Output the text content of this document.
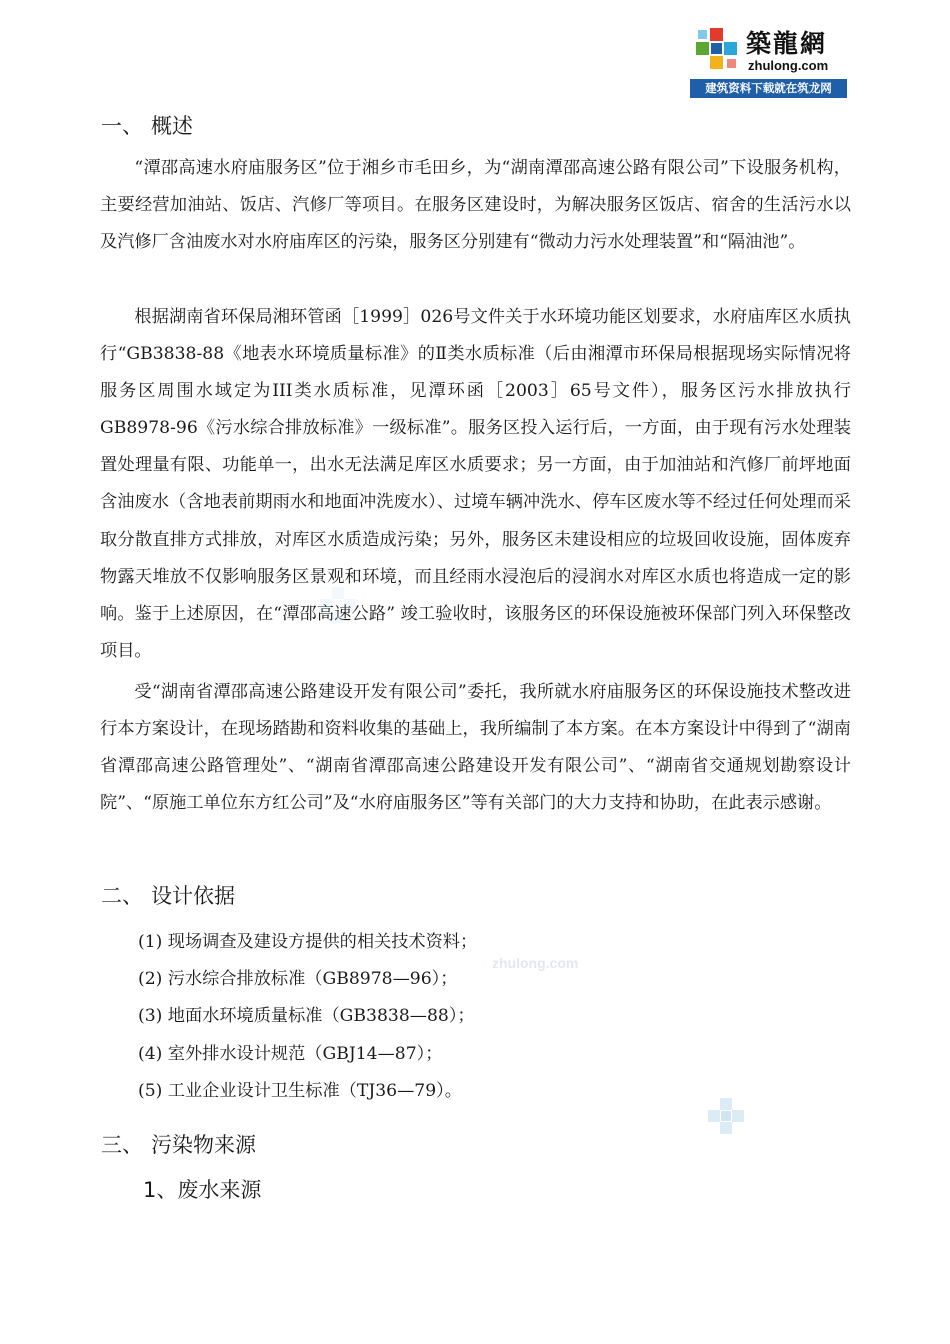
築龍網
zhulong.com
建筑资料下载就在筑龙网
一、 概述

“潭邵高速水府庙服务区”位于湘乡市毛田乡，为“湖南潭邵高速公路有限公司”下设服务机构，主要经营加油站、饭店、汽修厂等项目。在服务区建设时，为解决服务区饭店、宿舍的生活污水以及汽修厂含油废水对水府庙库区的污染，服务区分别建有“微动力污水处理装置”和“隔油池”。

根据湖南省环保局湘环管函［1999］026号文件关于水环境功能区划要求，水府庙库区水质执行“GB3838-88《地表水环境质量标准》的Ⅱ类水质标准（后由湘潭市环保局根据现场实际情况将服务区周围水域定为III类水质标准，见潭环函［2003］65号文件），服务区污水排放执行GB8978-96《污水综合排放标准》一级标准”。服务区投入运行后，一方面，由于现有污水处理装置处理量有限、功能单一，出水无法满足库区水质要求；另一方面，由于加油站和汽修厂前坪地面含油废水（含地表前期雨水和地面冲洗废水）、过境车辆冲洗水、停车区废水等不经过任何处理而采取分散直排方式排放，对库区水质造成污染；另外，服务区未建设相应的垃圾回收设施，固体废弃物露天堆放不仅影响服务区景观和环境，而且经雨水浸泡后的浸润水对库区水质也将造成一定的影响。鉴于上述原因，在“潭邵高速公路” 竣工验收时，该服务区的环保设施被环保部门列入环保整改项目。

受“湖南省潭邵高速公路建设开发有限公司”委托，我所就水府庙服务区的环保设施技术整改进行本方案设计，在现场踏勘和资料收集的基础上，我所编制了本方案。在本方案设计中得到了“湖南省潭邵高速公路管理处”、“湖南省潭邵高速公路建设开发有限公司”、“湖南省交通规划勘察设计院”、“原施工单位东方红公司”及“水府庙服务区”等有关部门的大力支持和协助，在此表示感谢。

二、 设计依据
(1) 现场调查及建设方提供的相关技术资料；
(2) 污水综合排放标准（GB8978—96）；
(3) 地面水环境质量标准（GB3838—88）；
(4) 室外排水设计规范（GBJ14—87）；
(5) 工业企业设计卫生标准（TJ36—79）。
三、 污染物来源
1、废水来源
zhulong.com
